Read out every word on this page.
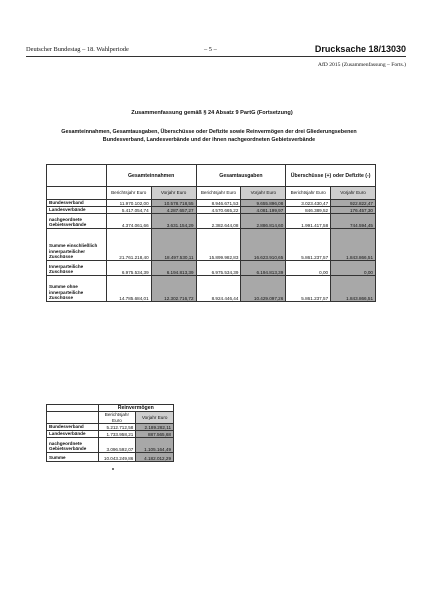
Deutscher Bundestag – 18. Wahlperiode	– 5 –	Drucksache 18/13030
AfD 2015 (Zusammenfassung – Forts.)
Zusammenfassung gemäß § 24 Absatz 9 PartG (Fortsetzung)
Gesamteinnahmen, Gesamtausgaben, Überschüsse oder Defizite sowie Reinvermögen der drei Gliederungsebenen Bundesverband, Landesverbände und der ihnen nachgeordneten Gebietsverbände
	Gesamteinnahmen		Gesamtausgaben		Überschüsse (+) oder Defizite (-)	
	Berichtsjahr Euro	Vorjahr Euro	Berichtsjahr Euro	Vorjahr Euro	Berichtsjahr Euro	Vorjahr Euro
Bundesverband	11.970.102,00	10.578.718,55	8.946.671,53	9.655.896,08	3.023.430,47	922.822,47
Landesverbände	5.417.054,74	4.287.657,27	4.570.665,22	4.081.199,97	846.389,52	176.457,30
nachgeordnete Gebietsverbände	4.374.061,66	3.631.154,29	2.382.644,08	2.886.814,60	1.991.417,58	744.594,45
Summe einschließlich innerparteilicher Zuschüsse	21.761.218,40	18.497.530,11	15.899.982,83	16.623.910,65	5.861.237,57	1.843.866,51
Innerparteiliche Zuschüsse	6.975.534,39	6.194.813,39	6.975.534,39	6.194.813,39	0,00	0,00
Summe ohne innerparteiliche Zuschüsse	14.785.684,01	12.302.716,72	8.924.446,44	10.429.097,26	5.861.237,57	1.843.866,51
	Reinvermögen	
	Berichtsjahr Euro	Vorjahr Euro
Bundesverband	5.212.712,58	2.189.282,11
Landesverbände	1.733.958,21	887.565,68
nachgeordnete Gebietsverbände	3.096.592,07	1.105.164,49
Summe	10.043.249,86	4.182.012,29
